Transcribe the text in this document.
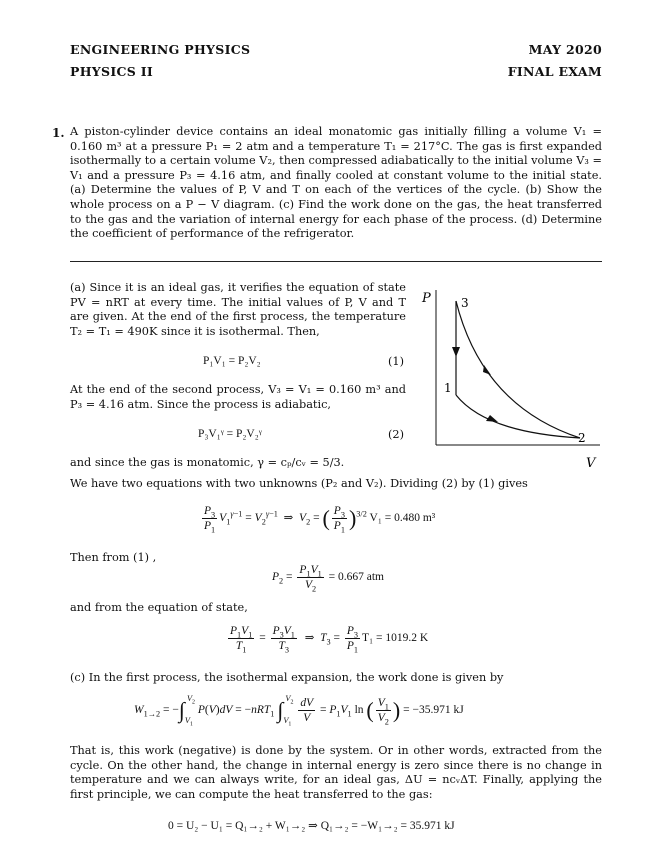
ENGINEERING PHYSICS
PHYSICS II
MAY 2020
FINAL EXAM
1. A piston-cylinder device contains an ideal monatomic gas initially filling a volume V₁ = 0.160 m³ at a pressure P₁ = 2 atm and a temperature T₁ = 217°C. The gas is first expanded isothermally to a certain volume V₂, then compressed adiabatically to the initial volume V₃ = V₁ and a pressure P₃ = 4.16 atm, and finally cooled at constant volume to the initial state. (a) Determine the values of P, V and T on each of the vertices of the cycle. (b) Show the whole process on a P − V diagram. (c) Find the work done on the gas, the heat transferred to the gas and the variation of internal energy for each phase of the process. (d) Determine the coefficient of performance of the refrigerator.
(a) Since it is an ideal gas, it verifies the equation of state PV = nRT at every time. The initial values of P, V and T are given. At the end of the first process, the temperature T₂ = T₁ = 490K since it is isothermal. Then,
P₁V₁ = P₂V₂	(1)
At the end of the second process, V₃ = V₁ = 0.160 m³ and P₃ = 4.16 atm. Since the process is adiabatic,
P₃V₁ᵞ = P₂V₂ᵞ	(2)
and since the gas is monatomic, γ = cₚ/cᵥ = 5/3.
We have two equations with two unknowns (P₂ and V₂). Dividing (2) by (1) gives
$\frac{P_3}{P_1} V_1^{\gamma-1} = V_2^{\gamma-1}$  ⇒  $V_2$ = ( $\frac{P_3}{P_1} )^{3/2}$ V₁ = 0.480 m³
Then from (1) ,
$P_2 = \frac{P_1V_1}{V_2} = 0.667$ atm
and from the equation of state,
$\frac{P_1V_1}{T_1} = \frac{P_3V_1}{T_3}$ ⇒  $T_3 = \frac{P_3}{P_1} T_1 = 1019.2$ K
(c) In the first process, the isothermal expansion, the work done is given by
$W_{1\to 2} = -\int_{V_1}^{V_2}$ P(V)dV = −nRT$_1$ $\int_{V_1}^{V_2} \frac{dV}{V} = P_1V_1$ ln ( $\frac{V_1}{V_2}$ ) = −35.971 kJ
That is, this work (negative) is done by the system. Or in other words, extracted from the cycle. On the other hand, the change in internal energy is zero since there is no change in temperature and we can always write, for an ideal gas, ΔU = ncᵥΔT. Finally, applying the first principle, we can compute the heat transferred to the gas:
0 = U₂ − U₁ = Q₁→₂ + W₁→₂ ⇒ Q₁→₂ = −W₁→₂ = 35.971 kJ
P
V
3
1
2
